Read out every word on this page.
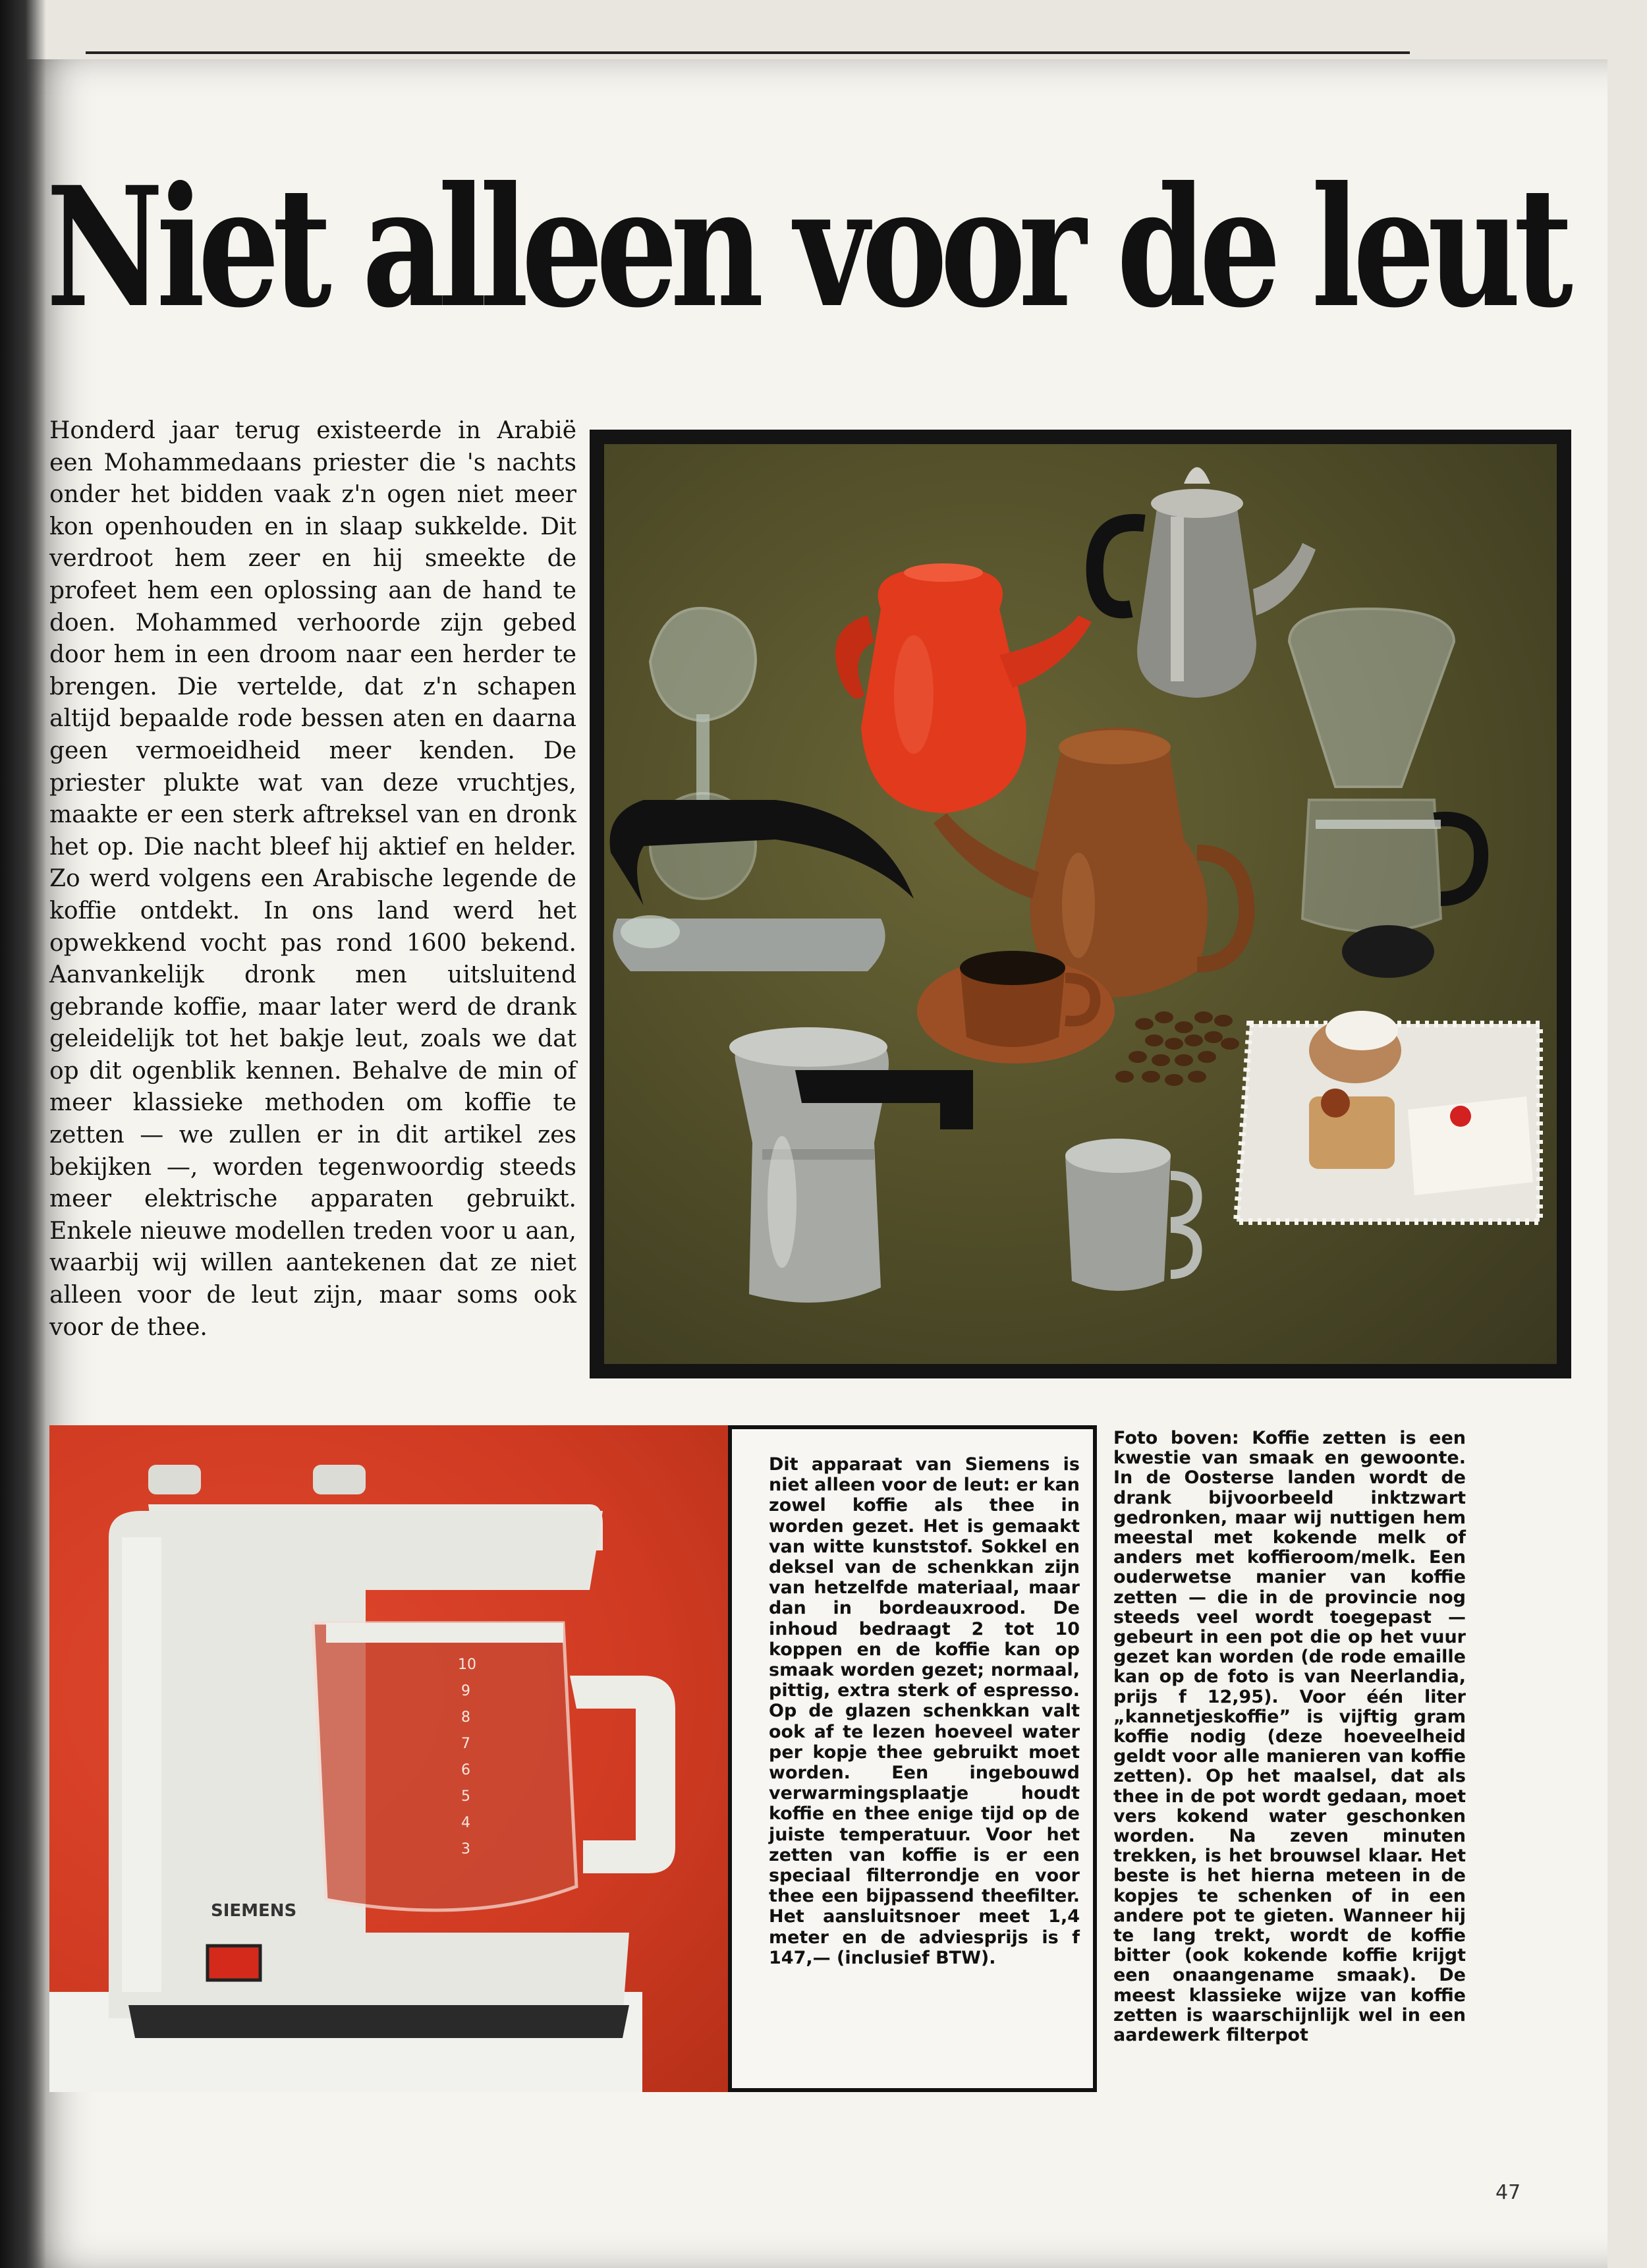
Niet alleen voor de leut

Honderd jaar terug existeerde in Arabië een Mohammedaans priester die 's nachts onder het bidden vaak z'n ogen niet meer kon openhouden en in slaap sukkelde. Dit verdroot hem zeer en hij smeekte de profeet hem een oplossing aan de hand te doen. Mohammed verhoorde zijn gebed door hem in een droom naar een herder te brengen. Die vertelde, dat z'n schapen altijd bepaalde rode bessen aten en daarna geen vermoeidheid meer kenden. De priester plukte wat van deze vruchtjes, maakte er een sterk aftreksel van en dronk het op. Die nacht bleef hij aktief en helder. Zo werd volgens een Arabische legende de koffie ontdekt. In ons land werd het opwekkend vocht pas rond 1600 bekend. Aanvankelijk dronk men uitsluitend gebrande koffie, maar later werd de drank geleidelijk tot het bakje leut, zoals we dat op dit ogenblik kennen. Behalve de min of meer klassieke methoden om koffie te zetten — we zullen er in dit artikel zes bekijken —, worden tegenwoordig steeds meer elektrische apparaten gebruikt. Enkele nieuwe modellen treden voor u aan, waarbij wij willen aantekenen dat ze niet alleen voor de leut zijn, maar soms ook voor de thee.

10
9
8
7
6
5
4
3
SIEMENS

Dit apparaat van Siemens is niet alleen voor de leut: er kan zowel koffie als thee in worden gezet. Het is gemaakt van witte kunststof. Sokkel en deksel van de schenkkan zijn van hetzelfde materiaal, maar dan in bordeauxrood. De inhoud bedraagt 2 tot 10 koppen en de koffie kan op smaak worden gezet; normaal, pittig, extra sterk of espresso. Op de glazen schenkkan valt ook af te lezen hoeveel water per kopje thee gebruikt moet worden. Een ingebouwd verwarmingsplaatje houdt koffie en thee enige tijd op de juiste temperatuur. Voor het zetten van koffie is er een speciaal filterrondje en voor thee een bijpassend theefilter. Het aansluitsnoer meet 1,4 meter en de adviesprijs is f 147,— (inclusief BTW).

Foto boven: Koffie zetten is een kwestie van smaak en gewoonte. In de Oosterse landen wordt de drank bijvoorbeeld inktzwart gedronken, maar wij nuttigen hem meestal met kokende melk of anders met koffieroom/melk. Een ouderwetse manier van koffie zetten — die in de provincie nog steeds veel wordt toegepast — gebeurt in een pot die op het vuur gezet kan worden (de rode emaille kan op de foto is van Neerlandia, prijs f 12,95). Voor één liter „kannetjeskoffie” is vijftig gram koffie nodig (deze hoeveelheid geldt voor alle manieren van koffie zetten). Op het maalsel, dat als thee in de pot wordt gedaan, moet vers kokend water geschonken worden. Na zeven minuten trekken, is het brouwsel klaar. Het beste is het hierna meteen in de kopjes te schenken of in een andere pot te gieten. Wanneer hij te lang trekt, wordt de koffie bitter (ook kokende koffie krijgt een onaangename smaak). De meest klassieke wijze van koffie zetten is waarschijnlijk wel in een aardewerk filterpot

47
